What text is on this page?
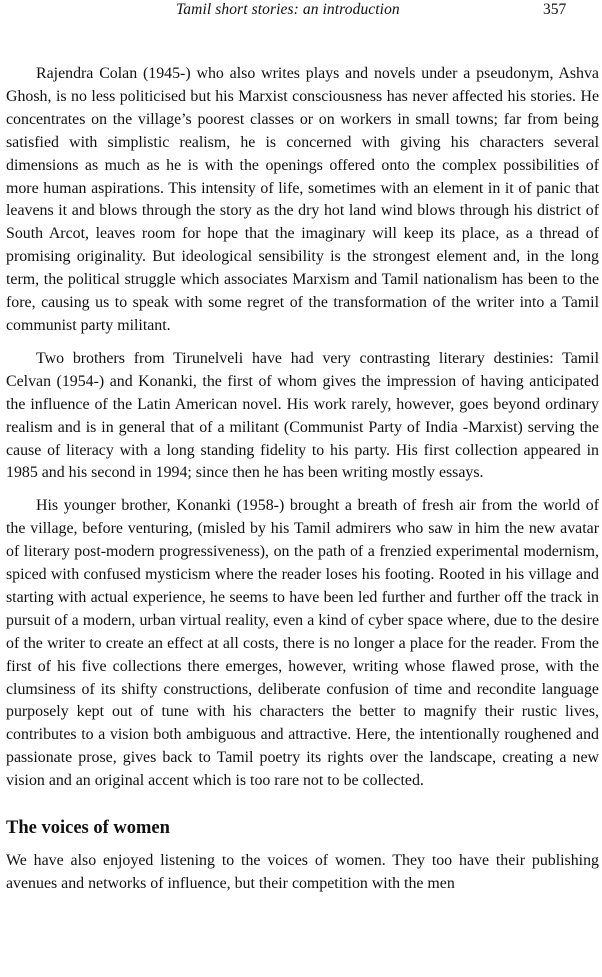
Tamil short stories: an introduction	357

Rajendra Colan (1945-) who also writes plays and novels under a pseudonym, Ashva Ghosh, is no less politicised but his Marxist consciousness has never affected his stories. He concentrates on the village’s poorest classes or on workers in small towns; far from being satisfied with simplistic realism, he is concerned with giving his characters several dimensions as much as he is with the openings offered onto the complex possibilities of more human aspirations. This intensity of life, sometimes with an element in it of panic that leavens it and blows through the story as the dry hot land wind blows through his district of South Arcot, leaves room for hope that the imaginary will keep its place, as a thread of promising originality. But ideological sensibility is the strongest element and, in the long term, the political struggle which associates Marxism and Tamil nationalism has been to the fore, causing us to speak with some regret of the transformation of the writer into a Tamil communist party militant.

Two brothers from Tirunelveli have had very contrasting literary destinies: Tamil Celvan (1954-) and Konanki, the first of whom gives the impression of having anticipated the influence of the Latin American novel. His work rarely, however, goes beyond ordinary realism and is in general that of a militant (Communist Party of India -Marxist) serving the cause of literacy with a long standing fidelity to his party. His first collection appeared in 1985 and his second in 1994; since then he has been writing mostly essays.

His younger brother, Konanki (1958-) brought a breath of fresh air from the world of the village, before venturing, (misled by his Tamil admirers who saw in him the new avatar of literary post-modern progressiveness), on the path of a frenzied experimental modernism, spiced with confused mysticism where the reader loses his footing. Rooted in his village and starting with actual experience, he seems to have been led further and further off the track in pursuit of a modern, urban virtual reality, even a kind of cyber space where, due to the desire of the writer to create an effect at all costs, there is no longer a place for the reader. From the first of his five collections there emerges, however, writing whose flawed prose, with the clumsiness of its shifty constructions, deliberate confusion of time and recondite language purposely kept out of tune with his characters the better to magnify their rustic lives, contributes to a vision both ambiguous and attractive. Here, the intentionally roughened and passionate prose, gives back to Tamil poetry its rights over the landscape, creating a new vision and an original accent which is too rare not to be collected.

The voices of women

We have also enjoyed listening to the voices of women. They too have their publishing avenues and networks of influence, but their competition with the men
